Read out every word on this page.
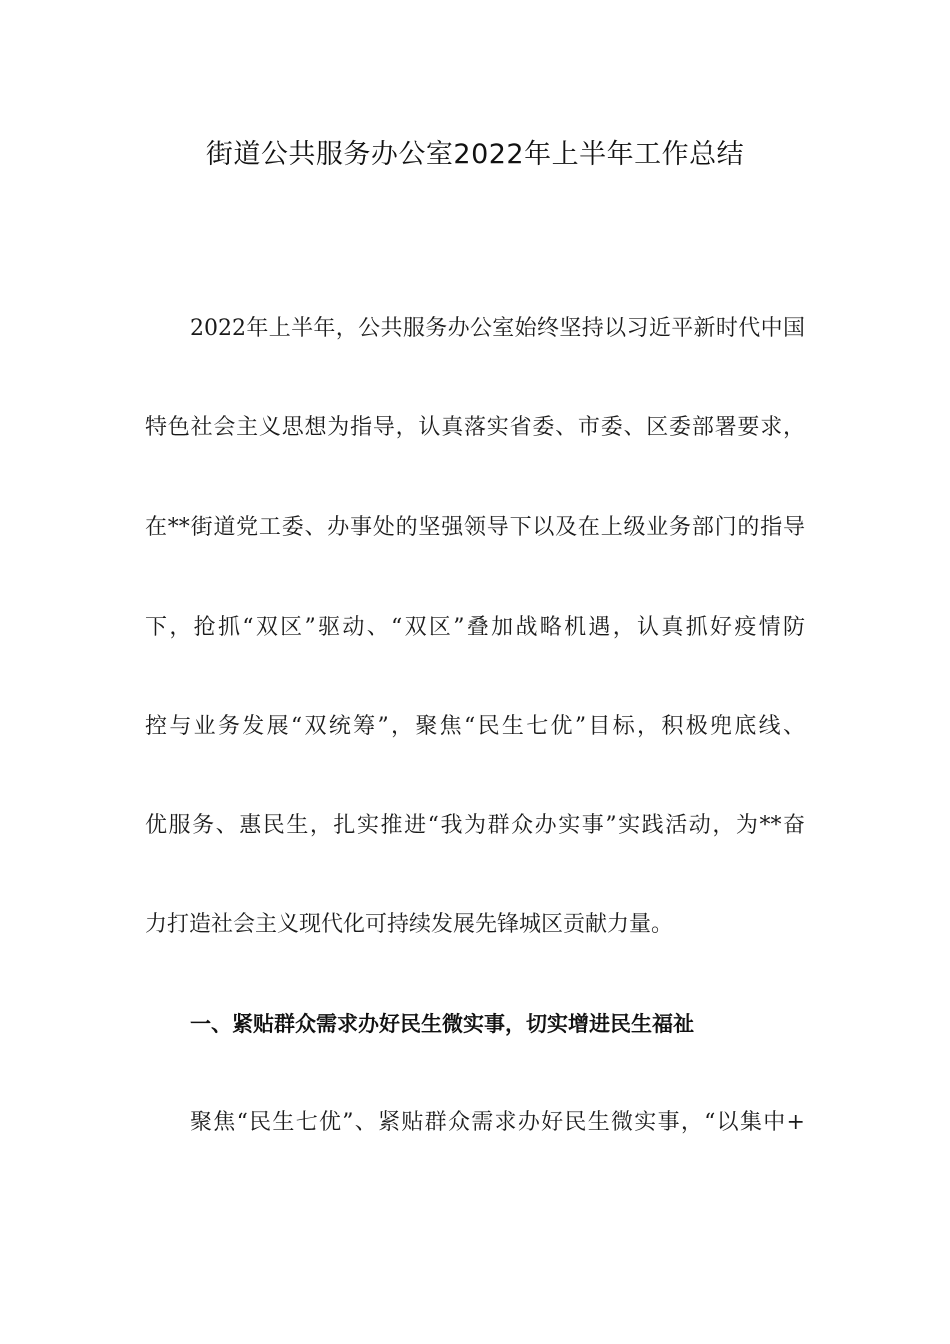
街道公共服务办公室2022年上半年工作总结
2022年上半年，公共服务办公室始终坚持以习近平新时代中国
特色社会主义思想为指导，认真落实省委、市委、区委部署要求，
在**街道党工委、办事处的坚强领导下以及在上级业务部门的指导
下，抢抓“双区”驱动、“双区”叠加战略机遇，认真抓好疫情防
控与业务发展“双统筹”，聚焦“民生七优”目标，积极兜底线、
优服务、惠民生，扎实推进“我为群众办实事”实践活动，为**奋
力打造社会主义现代化可持续发展先锋城区贡献力量。
一、紧贴群众需求办好民生微实事，切实增进民生福祉
聚焦“民生七优”、紧贴群众需求办好民生微实事，“以集中+
